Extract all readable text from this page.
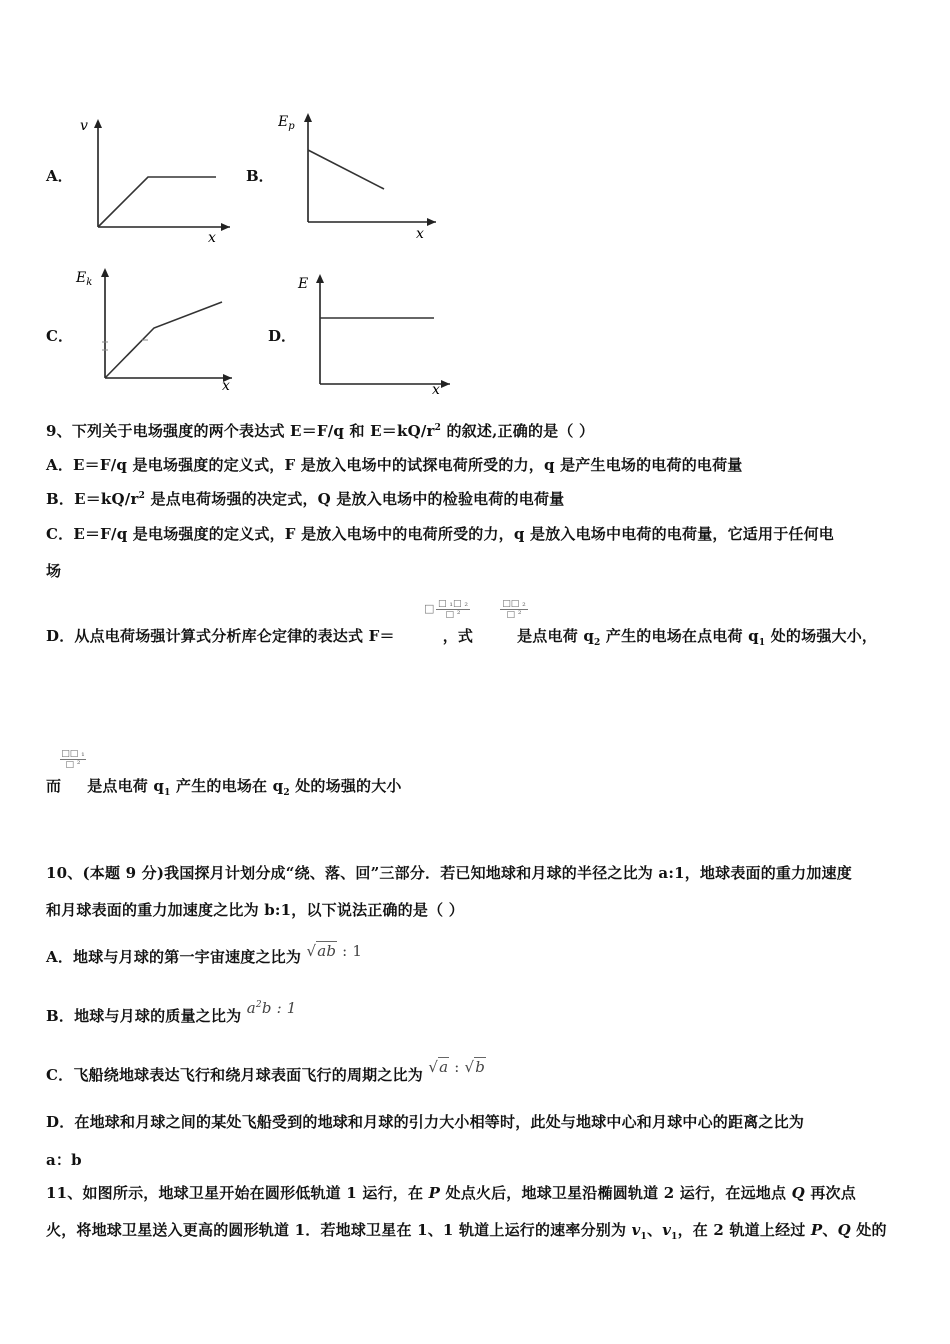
A．
v
x
B．
$E_p$
x
C．
$E_k$
x
D．
E
x
9、下列关于电场强度的两个表达式 E＝F/q 和 $E=kQ/r^2$ 的叙述,正确的是（ ）
A．E＝F/q 是电场强度的定义式，F 是放入电场中的试探电荷所受的力，q 是产生电场的电荷的电荷量
B．$E=kQ/r^2$ 是点电荷场强的决定式，Q 是放入电场中的检验电荷的电荷量
C．E＝F/q 是电场强度的定义式，F 是放入电场中的电荷所受的力，q 是放入电场中电荷的电荷量，它适用于任何电
场
D．从点电荷场强计算式分析库仑定律的表达式 F＝	，式	是点电荷 $q_2$ 产生的电场在点电荷 $q_1$ 处的场强大小，
□ □ ₁□ ₂
□ ²
□□ ₂
□ ²
□□ ₁
□ ²
而 是点电荷 $q_1$ 产生的电场在 $q_2$ 处的场强的大小
10、(本题 9 分)我国探月计划分成“绕、落、回”三部分．若已知地球和月球的半径之比为 a:1，地球表面的重力加速度
和月球表面的重力加速度之比为 b:1，以下说法正确的是（ ）
A．地球与月球的第一宇宙速度之比为 √ab : 1
B．地球与月球的质量之比为 $a^2b$ : 1
C．飞船绕地球表达飞行和绕月球表面飞行的周期之比为 √a : √b
D．在地球和月球之间的某处飞船受到的地球和月球的引力大小相等时，此处与地球中心和月球中心的距离之比为
a：b
11、如图所示，地球卫星开始在圆形低轨道 1 运行，在 P 处点火后，地球卫星沿椭圆轨道 2 运行，在远地点 Q 再次点
火，将地球卫星送入更高的圆形轨道 1．若地球卫星在 1、1 轨道上运行的速率分别为 $v_1$、$v_1$，在 2 轨道上经过 P、Q 处的
